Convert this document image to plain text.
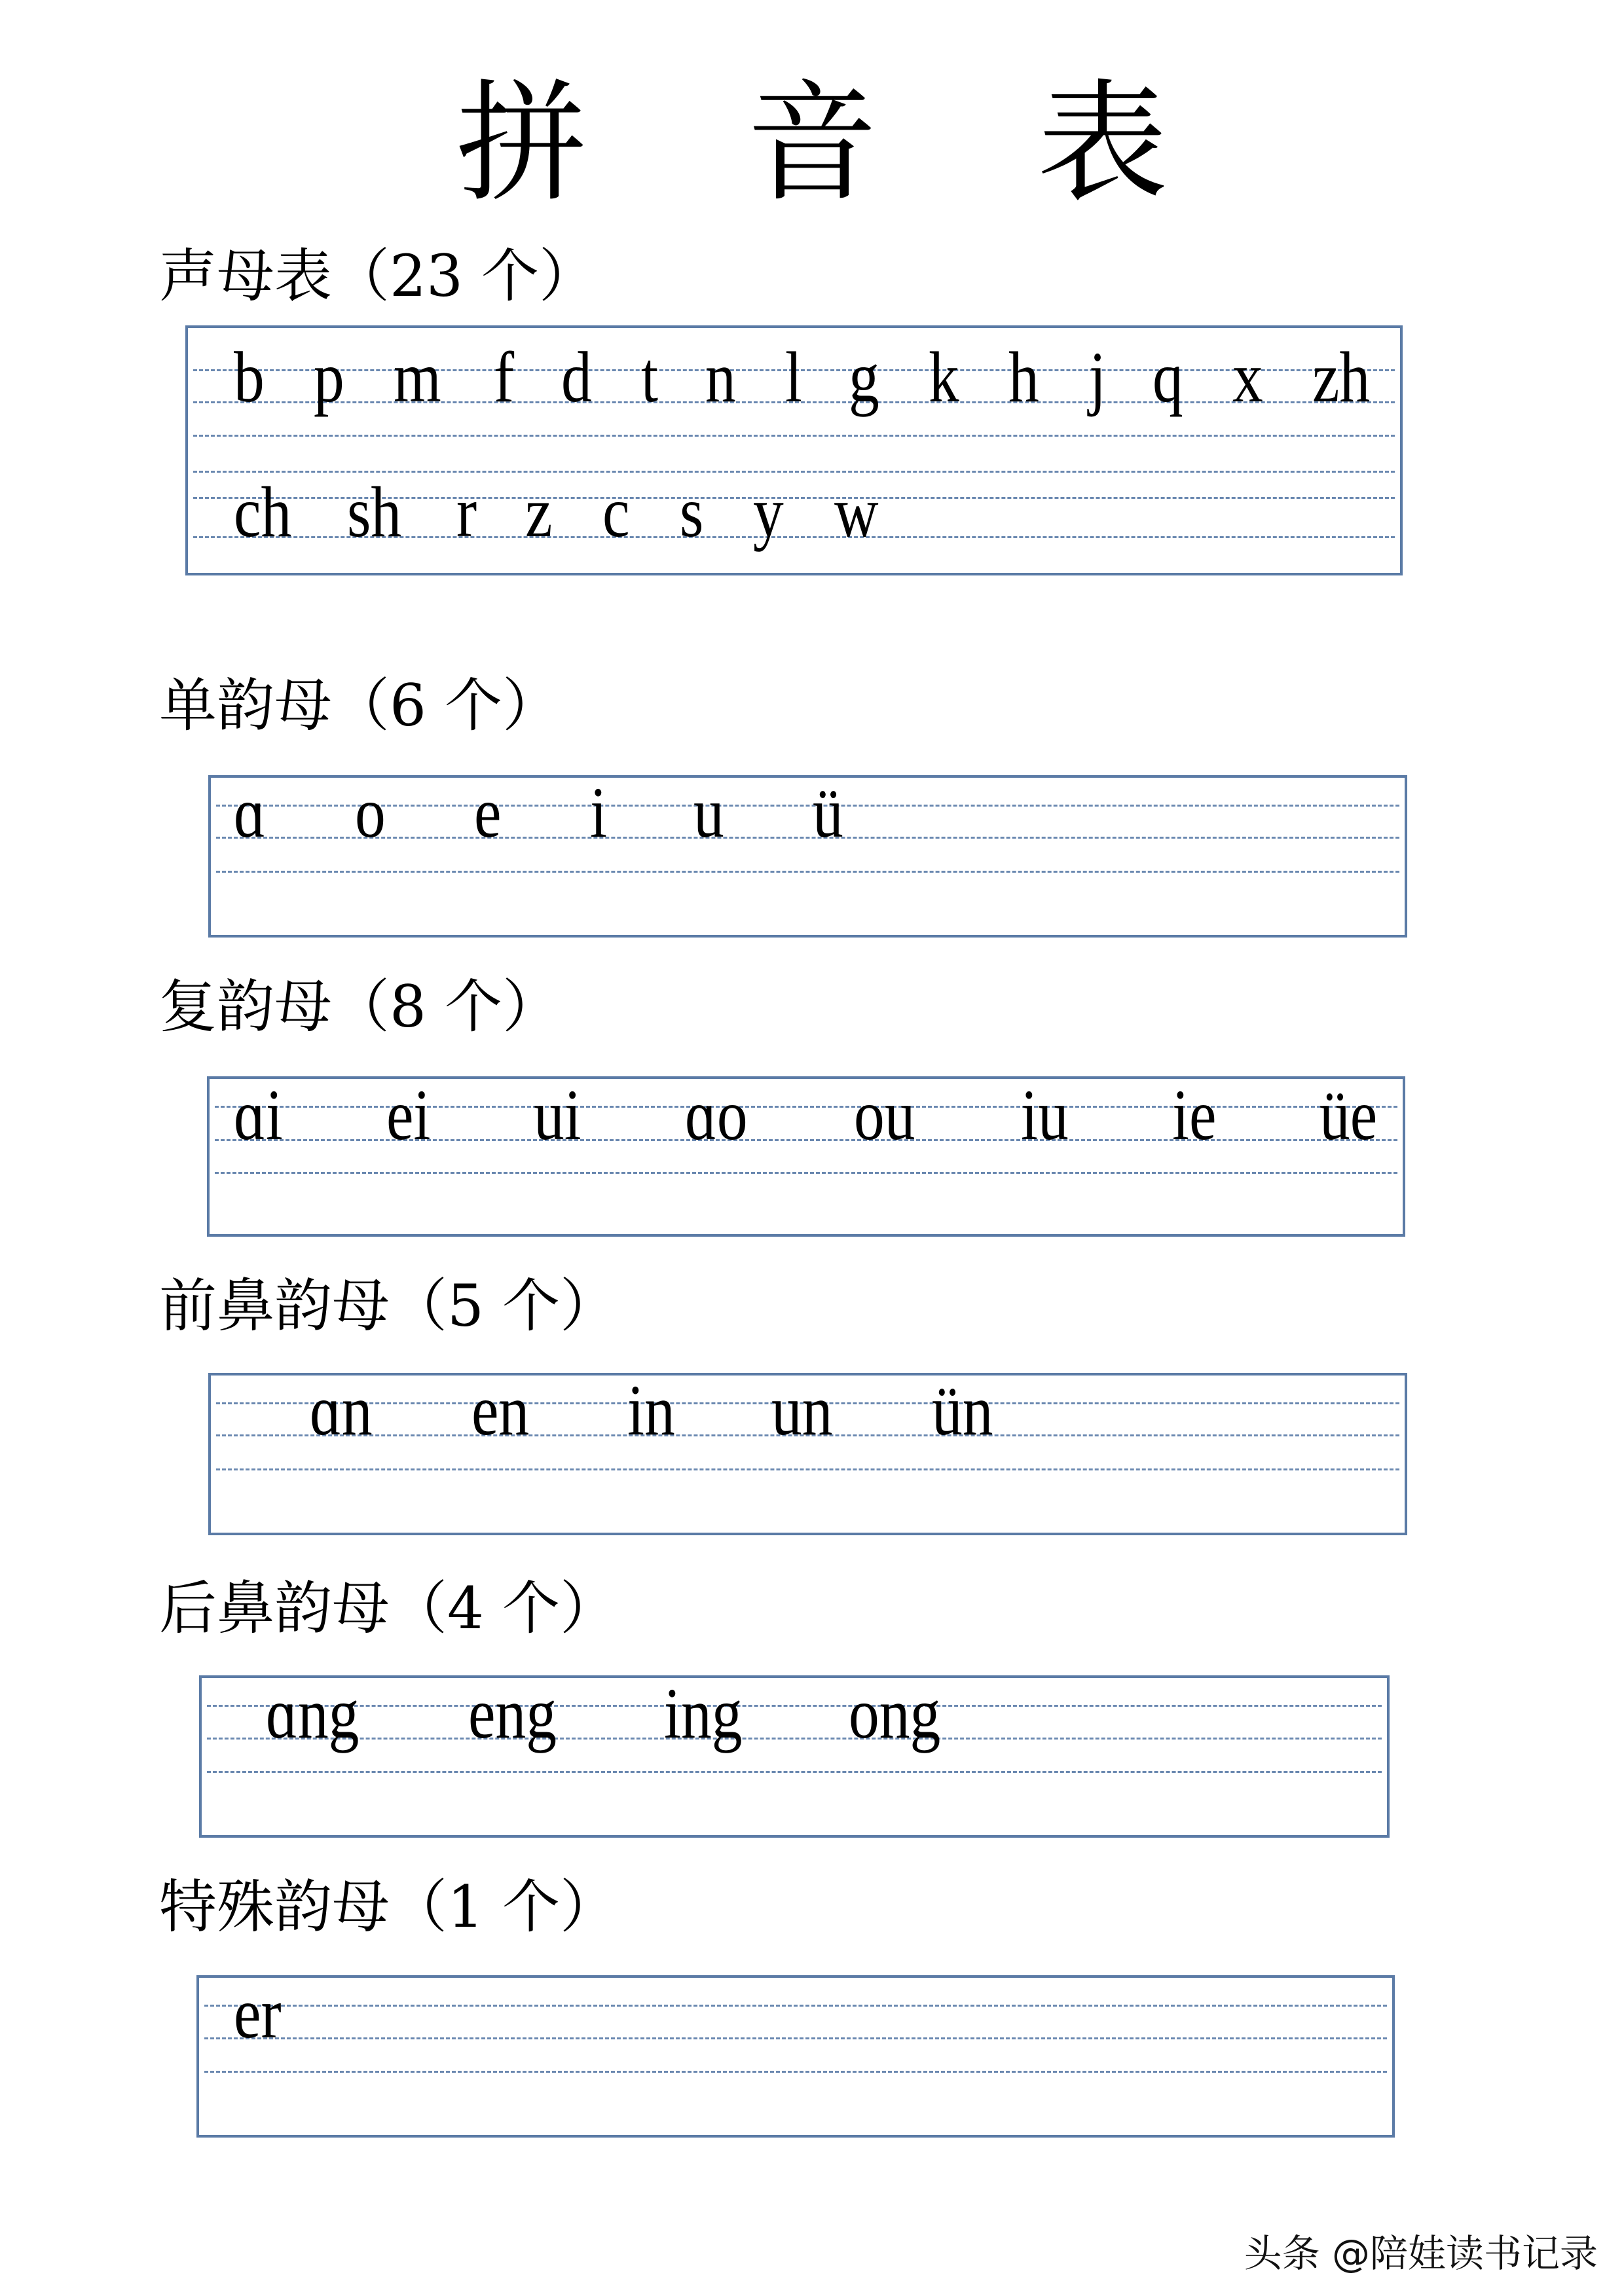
拼 音 表
头条 @陪娃读书记录
声母表（23 个）
b p m f d t n l g k h j q x zh
ch sh r z c s y w
单韵母（6 个）
ɑ o e i u ü
复韵母（8 个）
ɑi ei ui ɑo ou iu ie üe
前鼻韵母（5 个）
ɑn en in un ün
后鼻韵母（4 个）
ɑng eng ing ong
特殊韵母（1 个）
er
